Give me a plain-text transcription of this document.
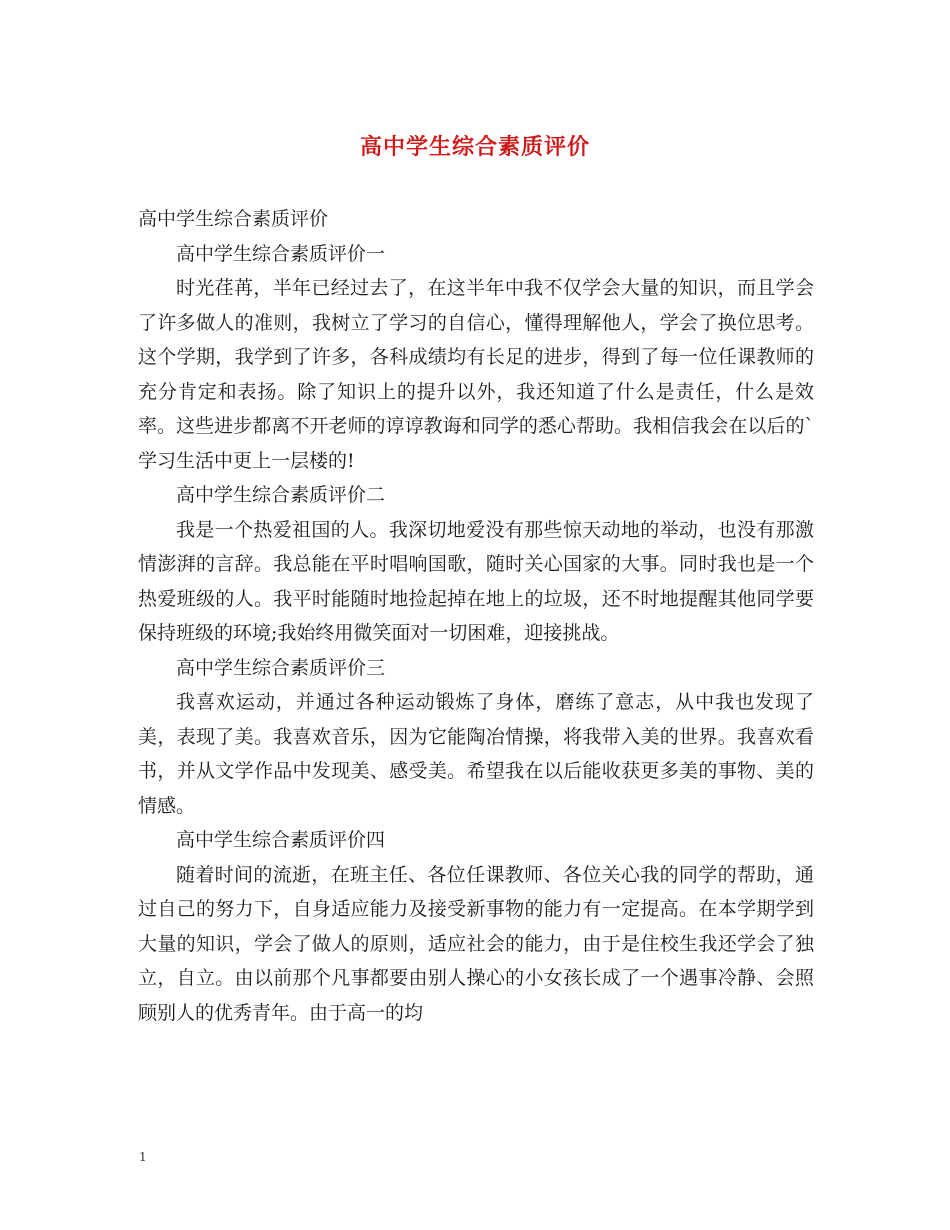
高中学生综合素质评价

高中学生综合素质评价

高中学生综合素质评价一

时光荏苒，半年已经过去了，在这半年中我不仅学会大量的知识，而且学会了许多做人的准则，我树立了学习的自信心，懂得理解他人，学会了换位思考。这个学期，我学到了许多，各科成绩均有长足的进步，得到了每一位任课教师的充分肯定和表扬。除了知识上的提升以外，我还知道了什么是责任，什么是效率。这些进步都离不开老师的谆谆教诲和同学的悉心帮助。我相信我会在以后的`学习生活中更上一层楼的!

高中学生综合素质评价二

我是一个热爱祖国的人。我深切地爱没有那些惊天动地的举动，也没有那激情澎湃的言辞。我总能在平时唱响国歌，随时关心国家的大事。同时我也是一个热爱班级的人。我平时能随时地捡起掉在地上的垃圾，还不时地提醒其他同学要保持班级的环境;我始终用微笑面对一切困难，迎接挑战。

高中学生综合素质评价三

我喜欢运动，并通过各种运动锻炼了身体，磨练了意志，从中我也发现了美，表现了美。我喜欢音乐，因为它能陶冶情操，将我带入美的世界。我喜欢看书，并从文学作品中发现美、感受美。希望我在以后能收获更多美的事物、美的情感。

高中学生综合素质评价四

随着时间的流逝，在班主任、各位任课教师、各位关心我的同学的帮助，通过自己的努力下，自身适应能力及接受新事物的能力有一定提高。在本学期学到大量的知识，学会了做人的原则，适应社会的能力，由于是住校生我还学会了独立，自立。由以前那个凡事都要由别人操心的小女孩长成了一个遇事冷静、会照顾别人的优秀青年。由于高一的均

1
